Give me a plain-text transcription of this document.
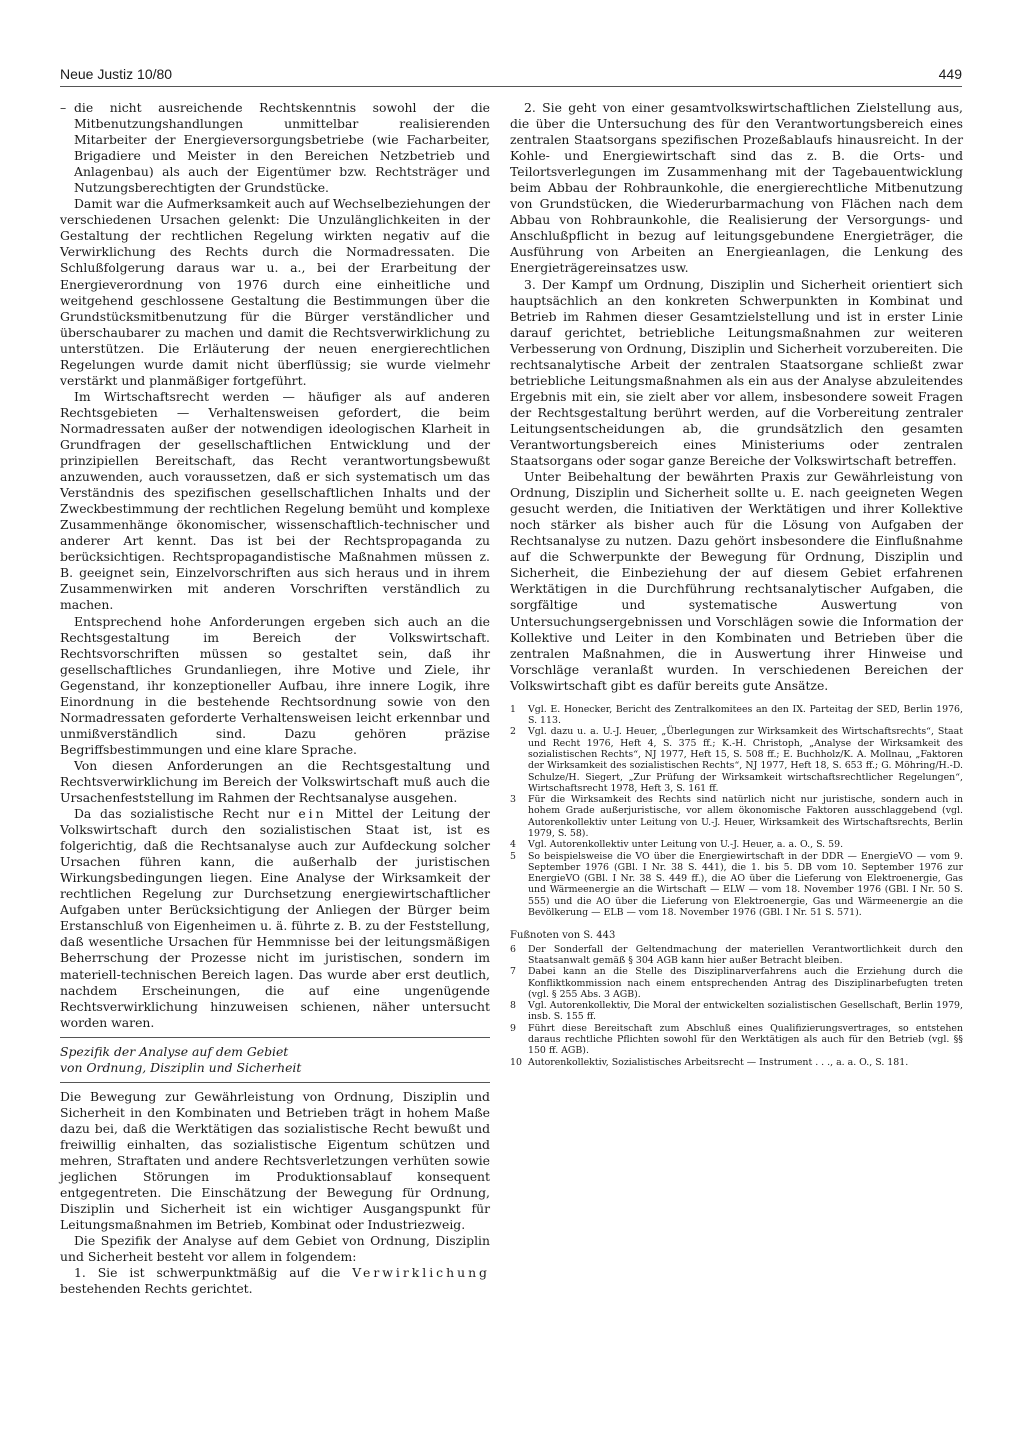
Neue Justiz 10/80	449

– die nicht ausreichende Rechtskenntnis sowohl der die Mitbenutzungshandlungen unmittelbar realisierenden Mitarbeiter der Energieversorgungsbetriebe (wie Facharbeiter, Brigadiere und Meister in den Bereichen Netzbetrieb und Anlagenbau) als auch der Eigentümer bzw. Rechtsträger und Nutzungsberechtigten der Grundstücke.

Damit war die Aufmerksamkeit auch auf Wechselbeziehungen der verschiedenen Ursachen gelenkt: Die Unzulänglichkeiten in der Gestaltung der rechtlichen Regelung wirkten negativ auf die Verwirklichung des Rechts durch die Normadressaten. Die Schlußfolgerung daraus war u. a., bei der Erarbeitung der Energieverordnung von 1976 durch eine einheitliche und weitgehend geschlossene Gestaltung die Bestimmungen über die Grundstücksmitbenutzung für die Bürger verständlicher und überschaubarer zu machen und damit die Rechtsverwirklichung zu unterstützen. Die Erläuterung der neuen energierechtlichen Regelungen wurde damit nicht überflüssig; sie wurde vielmehr verstärkt und planmäßiger fortgeführt.

Im Wirtschaftsrecht werden — häufiger als auf anderen Rechtsgebieten — Verhaltensweisen gefordert, die beim Normadressaten außer der notwendigen ideologischen Klarheit in Grundfragen der gesellschaftlichen Entwicklung und der prinzipiellen Bereitschaft, das Recht verantwortungsbewußt anzuwenden, auch voraussetzen, daß er sich systematisch um das Verständnis des spezifischen gesellschaftlichen Inhalts und der Zweckbestimmung der rechtlichen Regelung bemüht und komplexe Zusammenhänge ökonomischer, wissenschaftlich-technischer und anderer Art kennt. Das ist bei der Rechtspropaganda zu berücksichtigen. Rechtspropagandistische Maßnahmen müssen z. B. geeignet sein, Einzelvorschriften aus sich heraus und in ihrem Zusammenwirken mit anderen Vorschriften verständlich zu machen.

Entsprechend hohe Anforderungen ergeben sich auch an die Rechtsgestaltung im Bereich der Volkswirtschaft. Rechtsvorschriften müssen so gestaltet sein, daß ihr gesellschaftliches Grundanliegen, ihre Motive und Ziele, ihr Gegenstand, ihr konzeptioneller Aufbau, ihre innere Logik, ihre Einordnung in die bestehende Rechtsordnung sowie von den Normadressaten geforderte Verhaltensweisen leicht erkennbar und unmißverständlich sind. Dazu gehören präzise Begriffsbestimmungen und eine klare Sprache.

Von diesen Anforderungen an die Rechtsgestaltung und Rechtsverwirklichung im Bereich der Volkswirtschaft muß auch die Ursachenfeststellung im Rahmen der Rechtsanalyse ausgehen.

Da das sozialistische Recht nur ein Mittel der Leitung der Volkswirtschaft durch den sozialistischen Staat ist, ist es folgerichtig, daß die Rechtsanalyse auch zur Aufdeckung solcher Ursachen führen kann, die außerhalb der juristischen Wirkungsbedingungen liegen. Eine Analyse der Wirksamkeit der rechtlichen Regelung zur Durchsetzung energiewirtschaftlicher Aufgaben unter Berücksichtigung der Anliegen der Bürger beim Erstanschluß von Eigenheimen u. ä. führte z. B. zu der Feststellung, daß wesentliche Ursachen für Hemmnisse bei der leitungsmäßigen Beherrschung der Prozesse nicht im juristischen, sondern im materiell-technischen Bereich lagen. Das wurde aber erst deutlich, nachdem Erscheinungen, die auf eine ungenügende Rechtsverwirklichung hinzuweisen schienen, näher untersucht worden waren.

Spezifik der Analyse auf dem Gebiet
von Ordnung, Disziplin und Sicherheit

Die Bewegung zur Gewährleistung von Ordnung, Disziplin und Sicherheit in den Kombinaten und Betrieben trägt in hohem Maße dazu bei, daß die Werktätigen das sozialistische Recht bewußt und freiwillig einhalten, das sozialistische Eigentum schützen und mehren, Straftaten und andere Rechtsverletzungen verhüten sowie jeglichen Störungen im Produktionsablauf konsequent entgegentreten. Die Einschätzung der Bewegung für Ordnung, Disziplin und Sicherheit ist ein wichtiger Ausgangspunkt für Leitungsmaßnahmen im Betrieb, Kombinat oder Industriezweig.

Die Spezifik der Analyse auf dem Gebiet von Ordnung, Disziplin und Sicherheit besteht vor allem in folgendem:

1. Sie ist schwerpunktmäßig auf die Verwirklichung bestehenden Rechts gerichtet.

2. Sie geht von einer gesamtvolkswirtschaftlichen Zielstellung aus, die über die Untersuchung des für den Verantwortungsbereich eines zentralen Staatsorgans spezifischen Prozeßablaufs hinausreicht. In der Kohle- und Energiewirtschaft sind das z. B. die Orts- und Teilortsverlegungen im Zusammenhang mit der Tagebauentwicklung beim Abbau der Rohbraunkohle, die energierechtliche Mitbenutzung von Grundstücken, die Wiederurbarmachung von Flächen nach dem Abbau von Rohbraunkohle, die Realisierung der Versorgungs- und Anschlußpflicht in bezug auf leitungsgebundene Energieträger, die Ausführung von Arbeiten an Energieanlagen, die Lenkung des Energieträgereinsatzes usw.

3. Der Kampf um Ordnung, Disziplin und Sicherheit orientiert sich hauptsächlich an den konkreten Schwerpunkten in Kombinat und Betrieb im Rahmen dieser Gesamtzielstellung und ist in erster Linie darauf gerichtet, betriebliche Leitungsmaßnahmen zur weiteren Verbesserung von Ordnung, Disziplin und Sicherheit vorzubereiten. Die rechtsanalytische Arbeit der zentralen Staatsorgane schließt zwar betriebliche Leitungsmaßnahmen als ein aus der Analyse abzuleitendes Ergebnis mit ein, sie zielt aber vor allem, insbesondere soweit Fragen der Rechtsgestaltung berührt werden, auf die Vorbereitung zentraler Leitungsentscheidungen ab, die grundsätzlich den gesamten Verantwortungsbereich eines Ministeriums oder zentralen Staatsorgans oder sogar ganze Bereiche der Volkswirtschaft betreffen.

Unter Beibehaltung der bewährten Praxis zur Gewährleistung von Ordnung, Disziplin und Sicherheit sollte u. E. nach geeigneten Wegen gesucht werden, die Initiativen der Werktätigen und ihrer Kollektive noch stärker als bisher auch für die Lösung von Aufgaben der Rechtsanalyse zu nutzen. Dazu gehört insbesondere die Einflußnahme auf die Schwerpunkte der Bewegung für Ordnung, Disziplin und Sicherheit, die Einbeziehung der auf diesem Gebiet erfahrenen Werktätigen in die Durchführung rechtsanalytischer Aufgaben, die sorgfältige und systematische Auswertung von Untersuchungsergebnissen und Vorschlägen sowie die Information der Kollektive und Leiter in den Kombinaten und Betrieben über die zentralen Maßnahmen, die in Auswertung ihrer Hinweise und Vorschläge veranlaßt wurden. In verschiedenen Bereichen der Volkswirtschaft gibt es dafür bereits gute Ansätze.

1 Vgl. E. Honecker, Bericht des Zentralkomitees an den IX. Parteitag der SED, Berlin 1976, S. 113.
2 Vgl. dazu u. a. U.-J. Heuer, „Überlegungen zur Wirksamkeit des Wirtschaftsrechts“, Staat und Recht 1976, Heft 4, S. 375 ff.; K.-H. Christoph, „Analyse der Wirksamkeit des sozialistischen Rechts“, NJ 1977, Heft 15, S. 508 ff.; E. Buchholz/K. A. Mollnau, „Faktoren der Wirksamkeit des sozialistischen Rechts“, NJ 1977, Heft 18, S. 653 ff.; G. Möhring/H.-D. Schulze/H. Siegert, „Zur Prüfung der Wirksamkeit wirtschaftsrechtlicher Regelungen“, Wirtschaftsrecht 1978, Heft 3, S. 161 ff.
3 Für die Wirksamkeit des Rechts sind natürlich nicht nur juristische, sondern auch in hohem Grade außerjuristische, vor allem ökonomische Faktoren ausschlaggebend (vgl. Autorenkollektiv unter Leitung von U.-J. Heuer, Wirksamkeit des Wirtschaftsrechts, Berlin 1979, S. 58).
4 Vgl. Autorenkollektiv unter Leitung von U.-J. Heuer, a. a. O., S. 59.
5 So beispielsweise die VO über die Energiewirtschaft in der DDR — EnergieVO — vom 9. September 1976 (GBl. I Nr. 38 S. 441), die 1. bis 5. DB vom 10. September 1976 zur EnergieVO (GBl. I Nr. 38 S. 449 ff.), die AO über die Lieferung von Elektroenergie, Gas und Wärmeenergie an die Wirtschaft — ELW — vom 18. November 1976 (GBl. I Nr. 50 S. 555) und die AO über die Lieferung von Elektroenergie, Gas und Wärmeenergie an die Bevölkerung — ELB — vom 18. November 1976 (GBl. I Nr. 51 S. 571).
Fußnoten von S. 443
6 Der Sonderfall der Geltendmachung der materiellen Verantwortlichkeit durch den Staatsanwalt gemäß § 304 AGB kann hier außer Betracht bleiben.
7 Dabei kann an die Stelle des Disziplinarverfahrens auch die Erziehung durch die Konfliktkommission nach einem entsprechenden Antrag des Disziplinarbefugten treten (vgl. § 255 Abs. 3 AGB).
8 Vgl. Autorenkollektiv, Die Moral der entwickelten sozialistischen Gesellschaft, Berlin 1979, insb. S. 155 ff.
9 Führt diese Bereitschaft zum Abschluß eines Qualifizierungsvertrages, so entstehen daraus rechtliche Pflichten sowohl für den Werktätigen als auch für den Betrieb (vgl. §§ 150 ff. AGB).
10 Autorenkollektiv, Sozialistisches Arbeitsrecht — Instrument . . ., a. a. O., S. 181.
